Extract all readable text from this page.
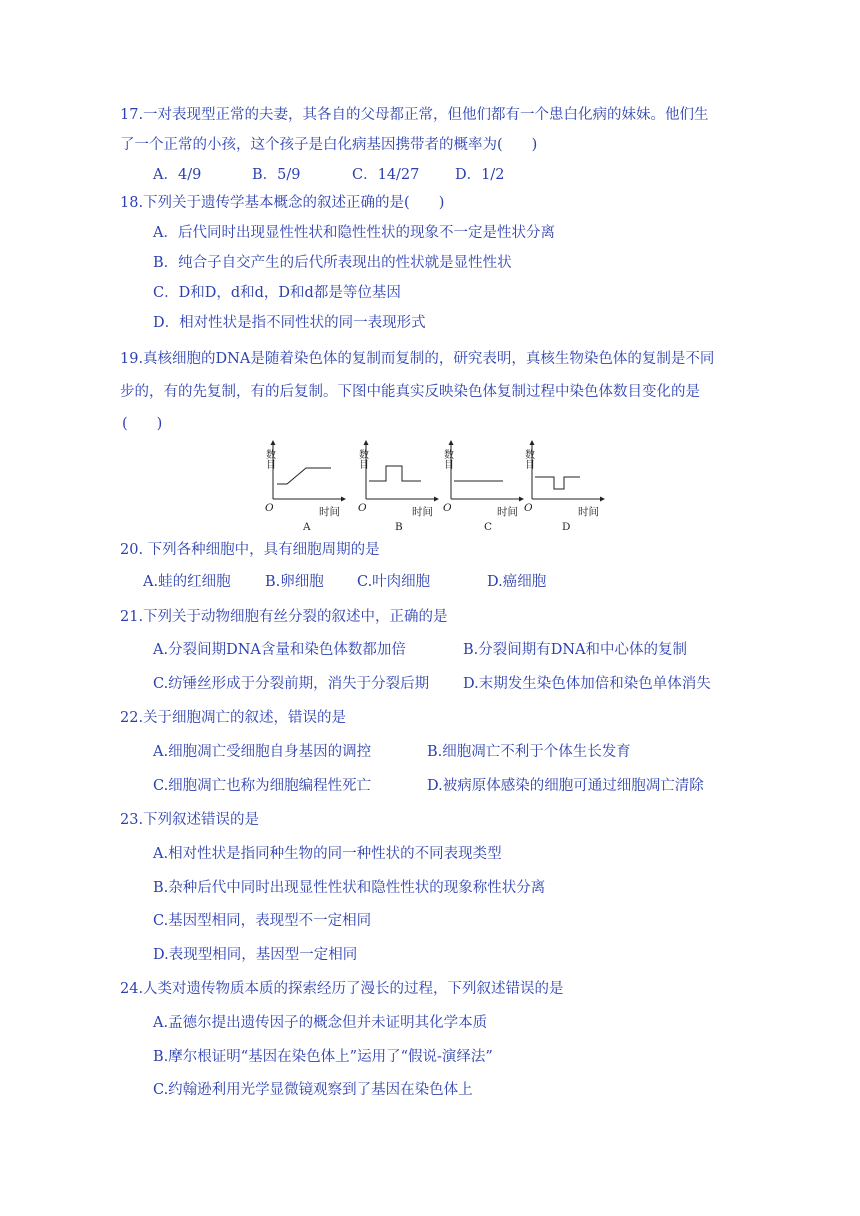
17.一对表现型正常的夫妻，其各自的父母都正常，但他们都有一个患白化病的妹妹。他们生
了一个正常的小孩，这个孩子是白化病基因携带者的概率为(　　)
A．4/9	B．5/9	C．14/27 D．1/2
18.下列关于遗传学基本概念的叙述正确的是(　　)
A．后代同时出现显性性状和隐性性状的现象不一定是性状分离
B．纯合子自交产生的后代所表现出的性状就是显性性状
C．D和D，d和d，D和d都是等位基因
D．相对性状是指不同性状的同一表现形式
19.真核细胞的DNA是随着染色体的复制而复制的，研究表明，真核生物染色体的复制是不同
步的，有的先复制，有的后复制。下图中能真实反映染色体复制过程中染色体数目变化的是
(　　)
数目	数目	数目	数目
O	O	O	O
时间	时间	时间	时间
A	B	C	D
20. 下列各种细胞中，具有细胞周期的是
A.蛙的红细胞 B.卵细胞 C.叶肉细胞	D.癌细胞
21.下列关于动物细胞有丝分裂的叙述中，正确的是
A.分裂间期DNA含量和染色体数都加倍	B.分裂间期有DNA和中心体的复制
C.纺锤丝形成于分裂前期，消失于分裂后期 D.末期发生染色体加倍和染色单体消失
22.关于细胞凋亡的叙述，错误的是
A.细胞凋亡受细胞自身基因的调控	B.细胞凋亡不利于个体生长发育
C.细胞凋亡也称为细胞编程性死亡	D.被病原体感染的细胞可通过细胞凋亡清除
23.下列叙述错误的是
A.相对性状是指同种生物的同一种性状的不同表现类型
B.杂种后代中同时出现显性性状和隐性性状的现象称性状分离
C.基因型相同，表现型不一定相同
D.表现型相同，基因型一定相同
24.人类对遗传物质本质的探索经历了漫长的过程，下列叙述错误的是
A.孟德尔提出遗传因子的概念但并未证明其化学本质
B.摩尔根证明“基因在染色体上”运用了“假说-演绎法”
C.约翰逊利用光学显微镜观察到了基因在染色体上
